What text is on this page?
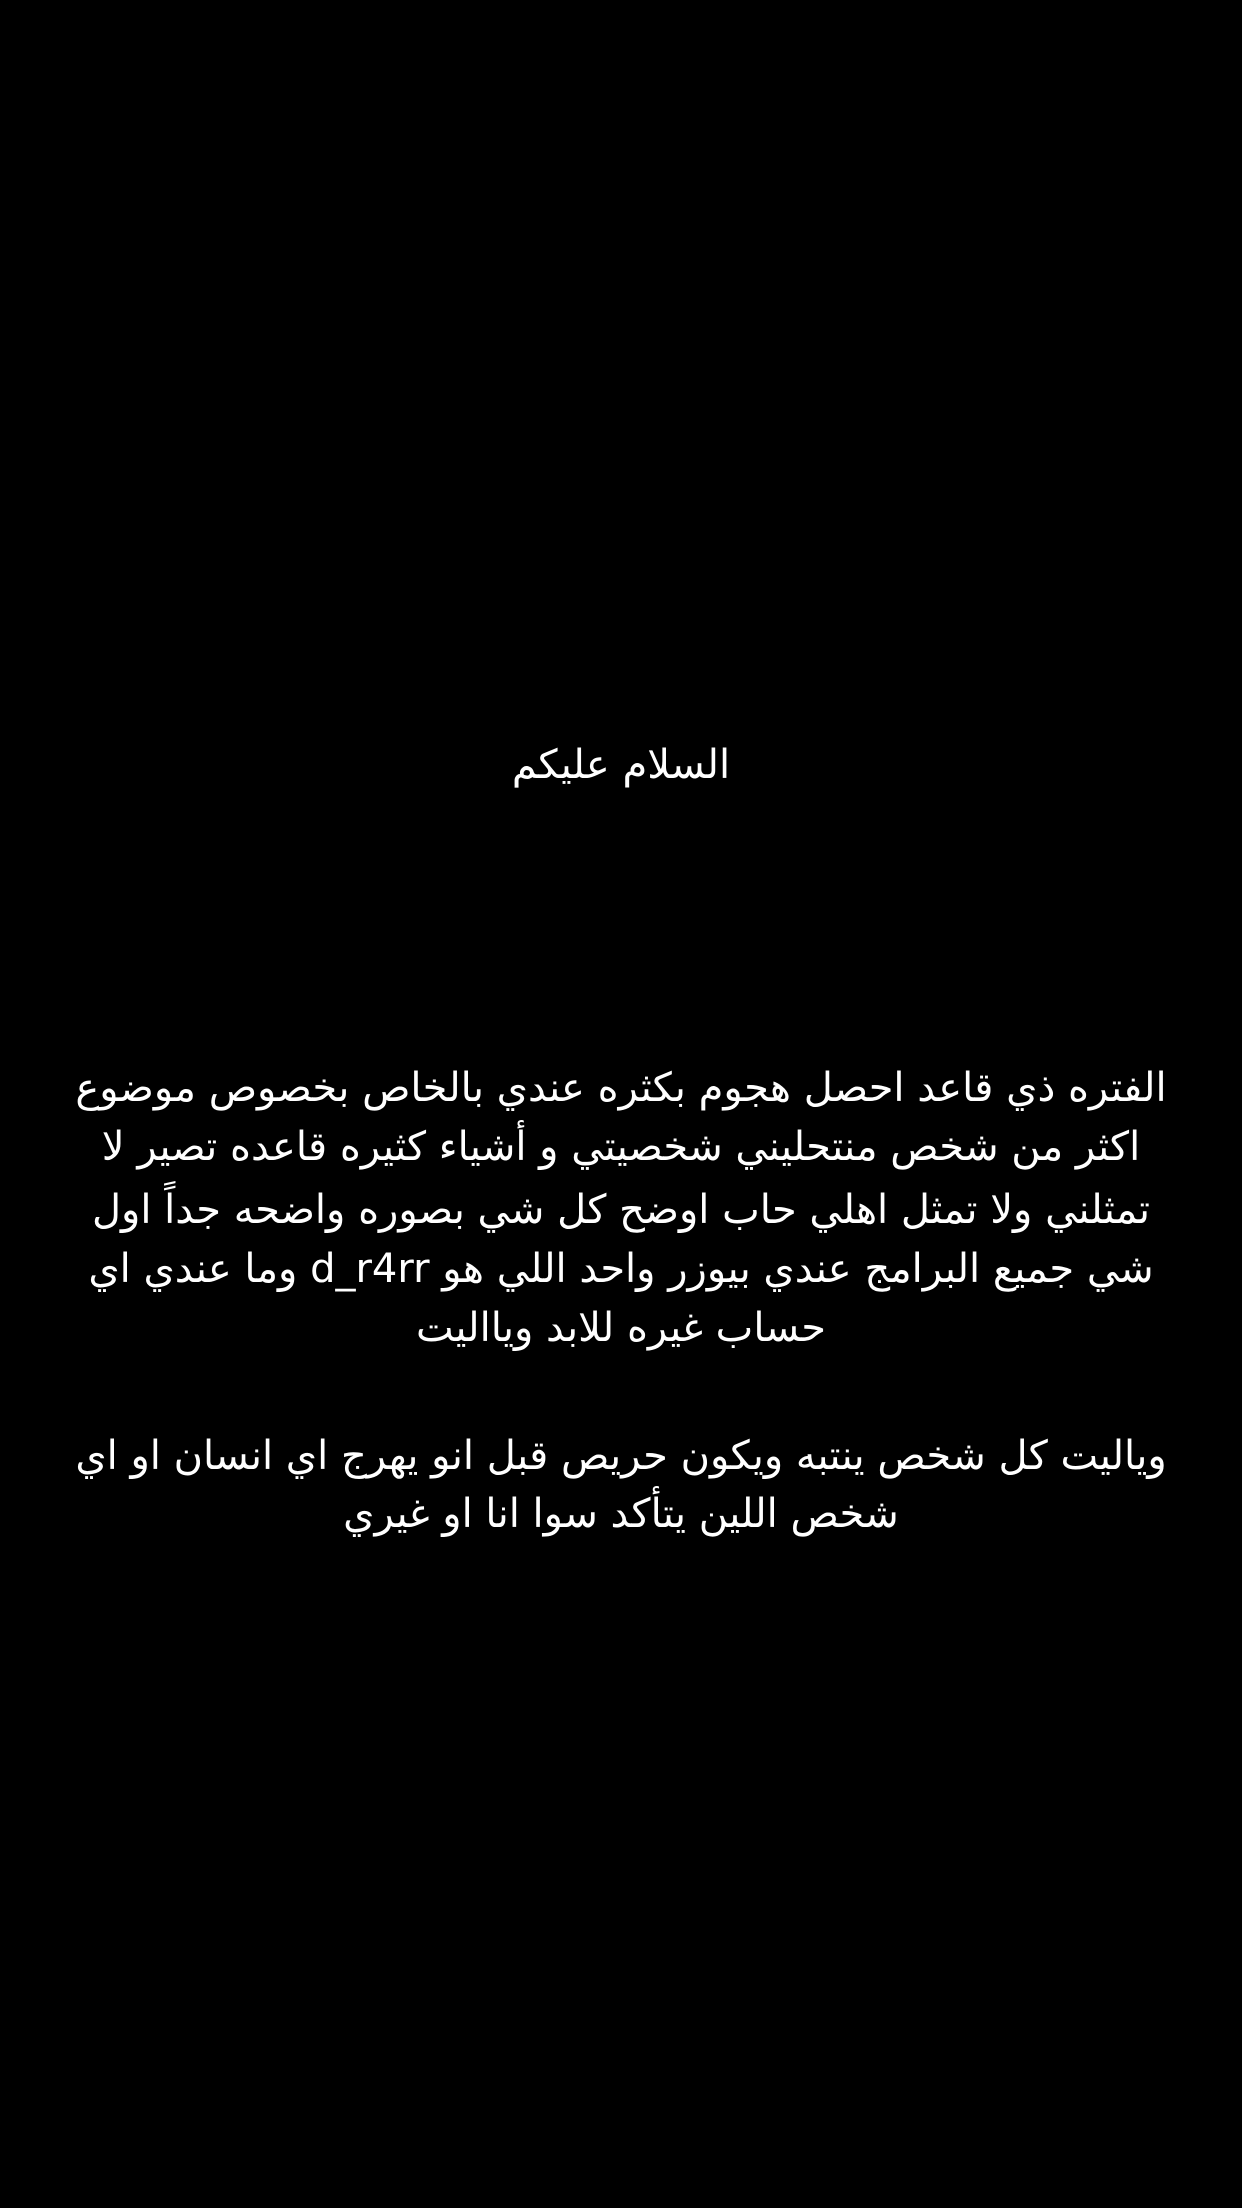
السلام عليكم
الفتره ذي قاعد احصل هجوم بكثره عندي بالخاص بخصوص موضوع
اكثر من شخص منتحليني شخصيتي و أشياء كثيره قاعده تصير لا
تمثلني ولا تمثل اهلي حاب اوضح كل شي بصوره واضحه جداً اول
شي جميع البرامج عندي بيوزر واحد اللي هو d_r4rr وما عندي اي
حساب غيره للابد ويااليت
وياليت كل شخص ينتبه ويكون حريص قبل انو يهرج اي انسان او اي
شخص اللين يتأكد سوا انا او غيري
